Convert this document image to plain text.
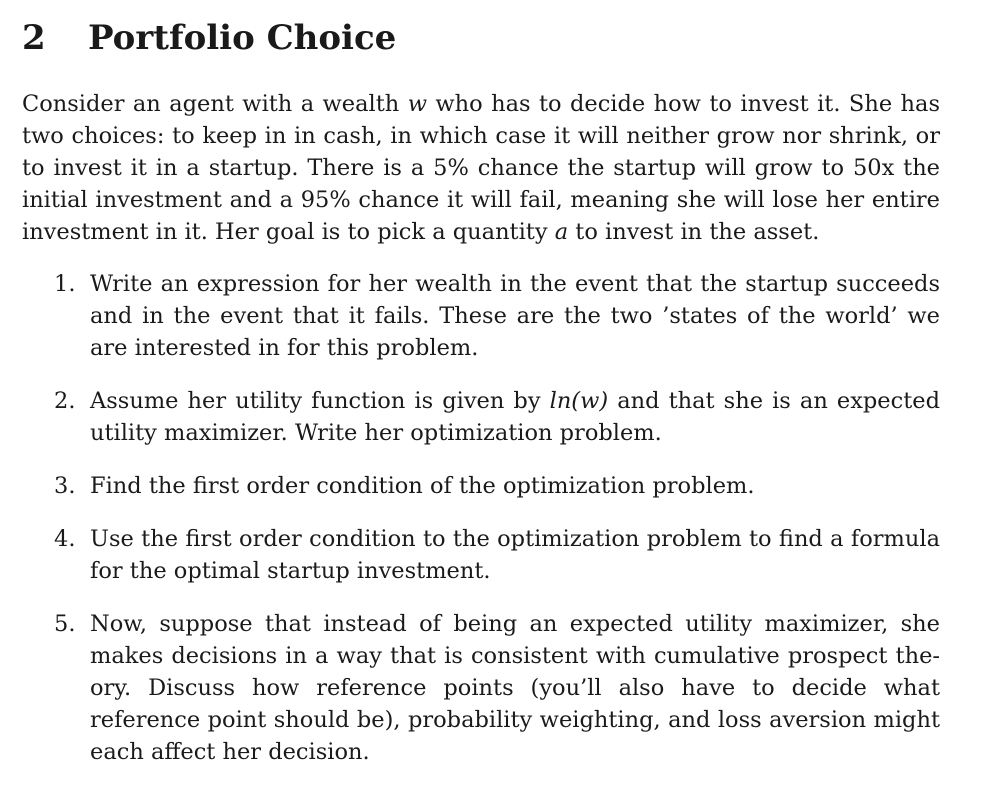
2 Portfolio Choice

Consider an agent with a wealth w who has to decide how to invest it. She has two choices: to keep in in cash, in which case it will neither grow nor shrink, or to invest it in a startup. There is a 5% chance the startup will grow to 50x the initial investment and a 95% chance it will fail, meaning she will lose her entire investment in it. Her goal is to pick a quantity a to invest in the asset.

1. Write an expression for her wealth in the event that the startup succeeds and in the event that it fails. These are the two ’states of the world’ we are interested in for this problem.
2. Assume her utility function is given by ln(w) and that she is an expected utility maximizer. Write her optimization problem.
3. Find the first order condition of the optimization problem.
4. Use the first order condition to the optimization problem to find a formula for the optimal startup investment.
5. Now, suppose that instead of being an expected utility maximizer, she makes decisions in a way that is consistent with cumulative prospect theory. Discuss how reference points (you’ll also have to decide what reference point should be), probability weighting, and loss aversion might each affect her decision.
